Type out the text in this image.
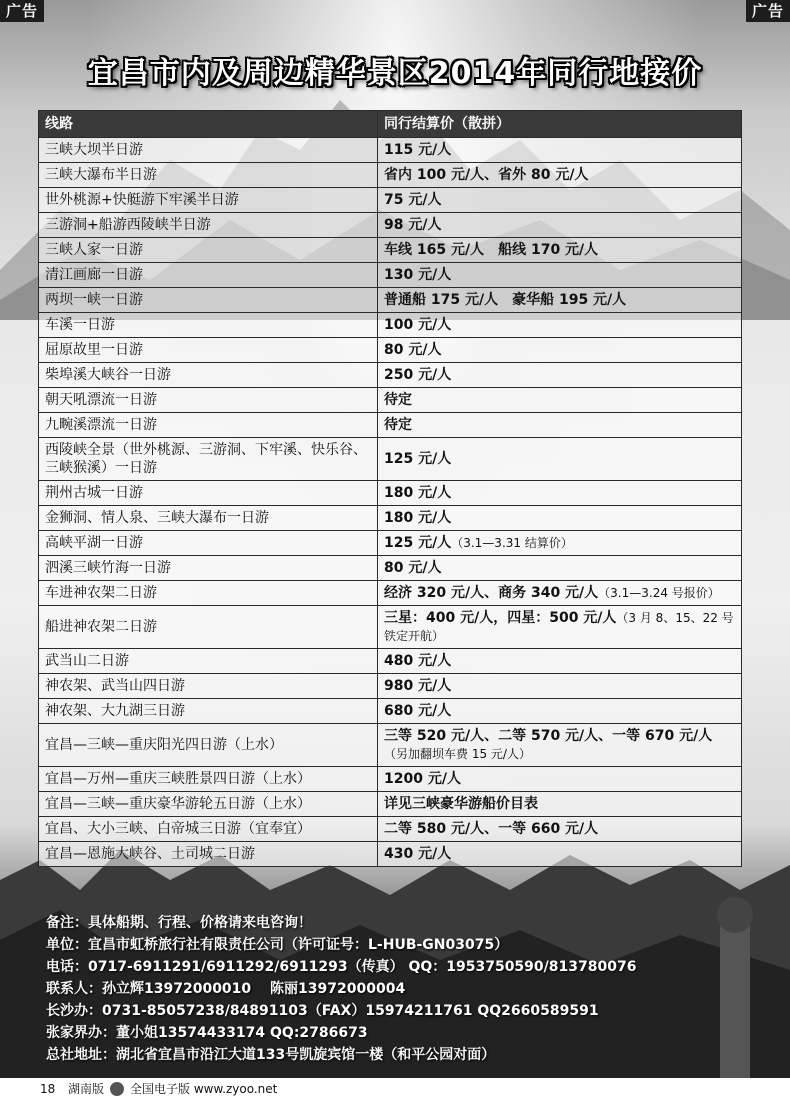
广告	广告
宜昌市内及周边精华景区2014年同行地接价
线路	同行结算价（散拼）
三峡大坝半日游	115 元/人
三峡大瀑布半日游	省内 100 元/人、省外 80 元/人
世外桃源+快艇游下牢溪半日游	75 元/人
三游洞+船游西陵峡半日游	98 元/人
三峡人家一日游	车线 165 元/人　船线 170 元/人
清江画廊一日游	130 元/人
两坝一峡一日游	普通船 175 元/人　豪华船 195 元/人
车溪一日游	100 元/人
屈原故里一日游	80 元/人
柴埠溪大峡谷一日游	250 元/人
朝天吼漂流一日游	待定
九畹溪漂流一日游	待定
西陵峡全景（世外桃源、三游洞、下牢溪、快乐谷、三峡猴溪）一日游	125 元/人
荆州古城一日游	180 元/人
金狮洞、情人泉、三峡大瀑布一日游	180 元/人
高峡平湖一日游	125 元/人（3.1—3.31 结算价）
泗溪三峡竹海一日游	80 元/人
车进神农架二日游	经济 320 元/人、商务 340 元/人（3.1—3.24 号报价）
船进神农架二日游	三星：400 元/人，四星：500 元/人（3 月 8、15、22 号铁定开航）
武当山二日游	480 元/人
神农架、武当山四日游	980 元/人
神农架、大九湖三日游	680 元/人
宜昌—三峡—重庆阳光四日游（上水）	三等 520 元/人、二等 570 元/人、一等 670 元/人（另加翻坝车费 15 元/人）
宜昌—万州—重庆三峡胜景四日游（上水）	1200 元/人
宜昌—三峡—重庆豪华游轮五日游（上水）	详见三峡豪华游船价目表
宜昌、大小三峡、白帝城三日游（宜奉宜）	二等 580 元/人、一等 660 元/人
宜昌—恩施大峡谷、土司城二日游	430 元/人
备注：具体船期、行程、价格请来电咨询！
单位：宜昌市虹桥旅行社有限责任公司（许可证号：L-HUB-GN03075）
电话：0717-6911291/6911292/6911293（传真） QQ：1953750590/813780076
联系人：孙立辉13972000010　 陈丽13972000004
长沙办：0731-85057238/84891103（FAX）15974211761 QQ2660589591
张家界办：董小姐13574433174 QQ:2786673
总社地址：湖北省宜昌市沿江大道133号凯旋宾馆一楼（和平公园对面）
18 湖南版 全国电子版 www.zyoo.net
